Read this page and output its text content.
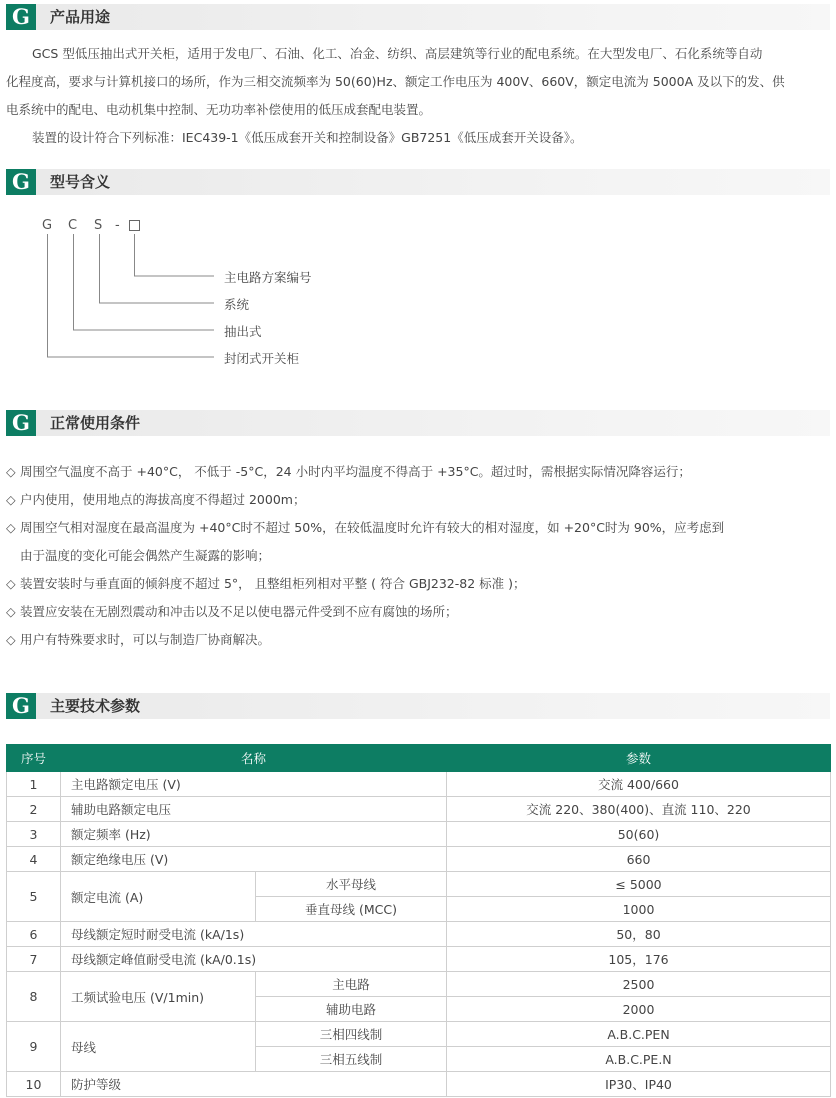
G	产品用途
GCS 型低压抽出式开关柜，适用于发电厂、石油、化工、冶金、纺织、高层建筑等行业的配电系统。在大型发电厂、石化系统等自动
化程度高，要求与计算机接口的场所，作为三相交流频率为 50(60)Hz、额定工作电压为 400V、660V，额定电流为 5000A 及以下的发、供
电系统中的配电、电动机集中控制、无功功率补偿使用的低压成套配电装置。
装置的设计符合下列标准：IEC439-1《低压成套开关和控制设备》GB7251《低压成套开关设备》。
G	型号含义
G C S -
主电路方案编号
系统
抽出式
封闭式开关柜
G	正常使用条件
◇ 周围空气温度不高于 +40°C， 不低于 -5°C，24 小时内平均温度不得高于 +35°C。超过时，需根据实际情况降容运行；
◇ 户内使用，使用地点的海拔高度不得超过 2000m；
◇ 周围空气相对湿度在最高温度为 +40°C时不超过 50%，在较低温度时允许有较大的相对湿度，如 +20°C时为 90%，应考虑到
由于温度的变化可能会偶然产生凝露的影响；
◇ 装置安装时与垂直面的倾斜度不超过 5°， 且整组柜列相对平整 ( 符合 GBJ232-82 标准 )；
◇ 装置应安装在无剧烈震动和冲击以及不足以使电器元件受到不应有腐蚀的场所；
◇ 用户有特殊要求时，可以与制造厂协商解决。
G	主要技术参数
序号	名称		参数
1	主电路额定电压 (V)		交流 400/660
2	辅助电路额定电压		交流 220、380(400)、直流 110、220
3	额定频率 (Hz)		50(60)
4	额定绝缘电压 (V)		660
5	额定电流 (A)	水平母线	≤ 5000
		垂直母线 (MCC)	1000
6	母线额定短时耐受电流 (kA/1s)		50，80
7	母线额定峰值耐受电流 (kA/0.1s)		105，176
8	工频试验电压 (V/1min)	主电路	2500
		辅助电路	2000
9	母线	三相四线制	A.B.C.PEN
		三相五线制	A.B.C.PE.N
10	防护等级		IP30、IP40
